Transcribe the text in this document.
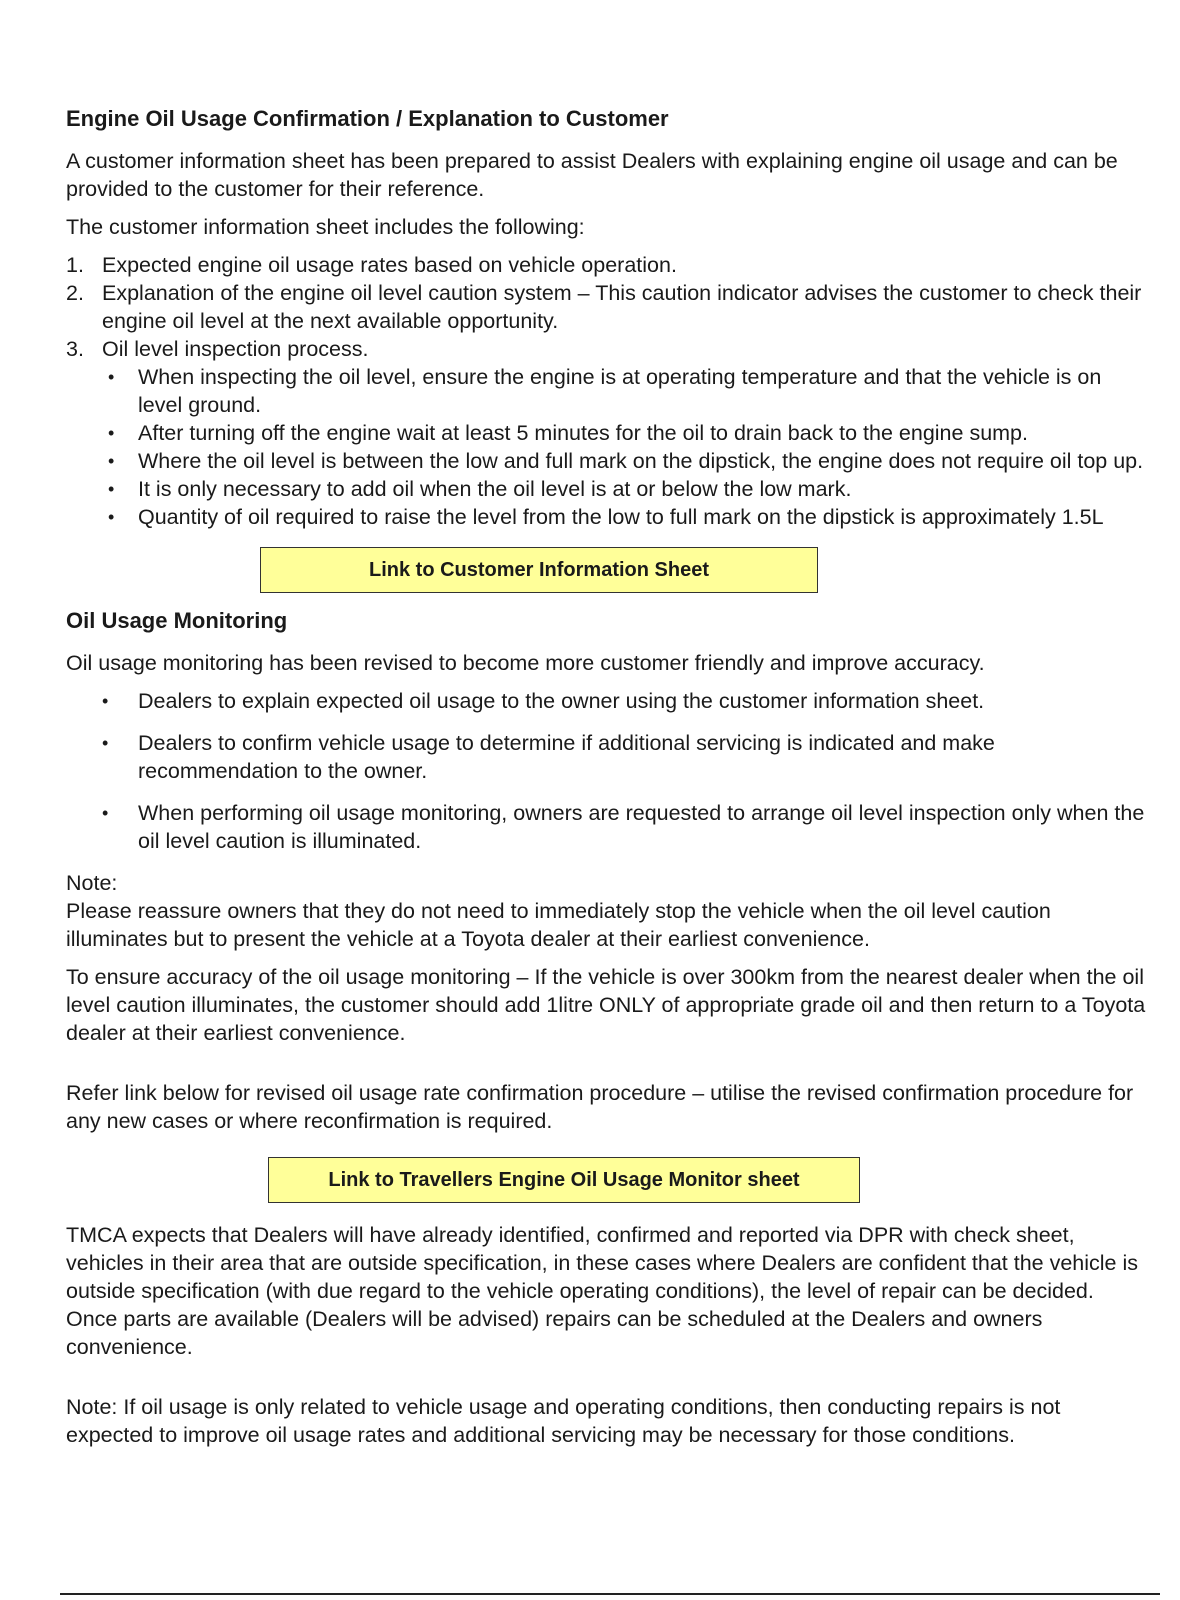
Engine Oil Usage Confirmation / Explanation to Customer

A customer information sheet has been prepared to assist Dealers with explaining engine oil usage and can be provided to the customer for their reference.

The customer information sheet includes the following:

1. Expected engine oil usage rates based on vehicle operation.
2. Explanation of the engine oil level caution system – This caution indicator advises the customer to check their engine oil level at the next available opportunity.
3. Oil level inspection process.
• When inspecting the oil level, ensure the engine is at operating temperature and that the vehicle is on level ground.
• After turning off the engine wait at least 5 minutes for the oil to drain back to the engine sump.
• Where the oil level is between the low and full mark on the dipstick, the engine does not require oil top up.
• It is only necessary to add oil when the oil level is at or below the low mark.
• Quantity of oil required to raise the level from the low to full mark on the dipstick is approximately 1.5L
Link to Customer Information Sheet
Oil Usage Monitoring

Oil usage monitoring has been revised to become more customer friendly and improve accuracy.

• Dealers to explain expected oil usage to the owner using the customer information sheet.
• Dealers to confirm vehicle usage to determine if additional servicing is indicated and make recommendation to the owner.
• When performing oil usage monitoring, owners are requested to arrange oil level inspection only when the oil level caution is illuminated.
Note:

Please reassure owners that they do not need to immediately stop the vehicle when the oil level caution illuminates but to present the vehicle at a Toyota dealer at their earliest convenience.

To ensure accuracy of the oil usage monitoring – If the vehicle is over 300km from the nearest dealer when the oil level caution illuminates, the customer should add 1litre ONLY of appropriate grade oil and then return to a Toyota dealer at their earliest convenience.

Refer link below for revised oil usage rate confirmation procedure – utilise the revised confirmation procedure for any new cases or where reconfirmation is required.

Link to Travellers Engine Oil Usage Monitor sheet

TMCA expects that Dealers will have already identified, confirmed and reported via DPR with check sheet, vehicles in their area that are outside specification, in these cases where Dealers are confident that the vehicle is outside specification (with due regard to the vehicle operating conditions), the level of repair can be decided. Once parts are available (Dealers will be advised) repairs can be scheduled at the Dealers and owners convenience.

Note: If oil usage is only related to vehicle usage and operating conditions, then conducting repairs is not expected to improve oil usage rates and additional servicing may be necessary for those conditions.
